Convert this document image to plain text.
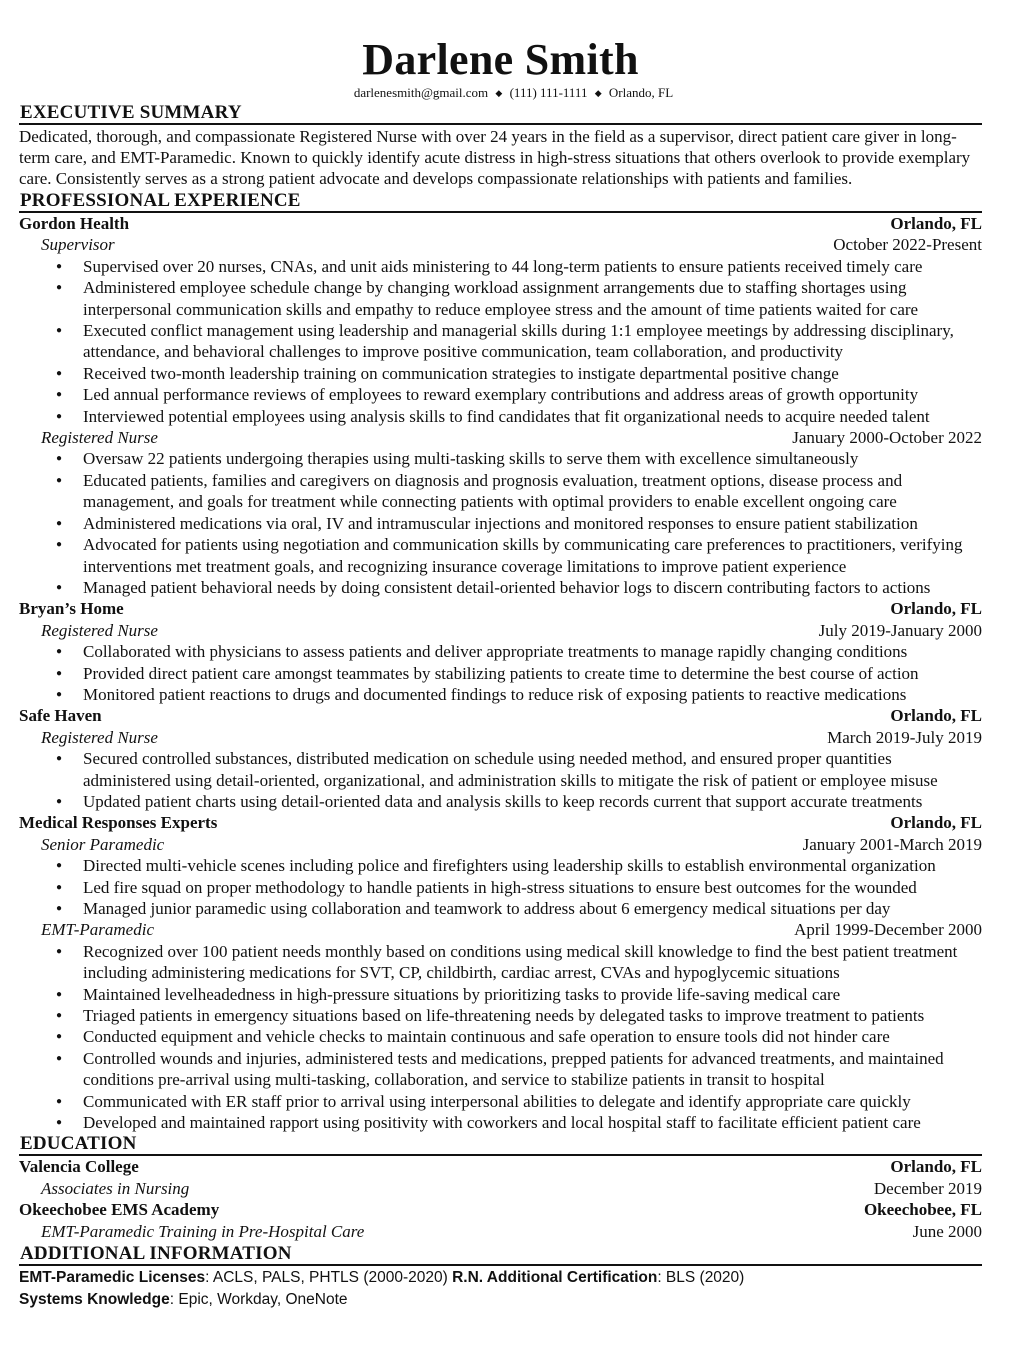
Darlene Smith
darlenesmith@gmail.com ◆ (111) 111-1111 ◆ Orlando, FL
EXECUTIVE SUMMARY
Dedicated, thorough, and compassionate Registered Nurse with over 24 years in the field as a supervisor, direct patient care giver in long-term care, and EMT-Paramedic. Known to quickly identify acute distress in high-stress situations that others overlook to provide exemplary care. Consistently serves as a strong patient advocate and develops compassionate relationships with patients and families.
PROFESSIONAL EXPERIENCE
Gordon Health	Orlando, FL
Supervisor	October 2022-Present
● Supervised over 20 nurses, CNAs, and unit aids ministering to 44 long-term patients to ensure patients received timely care
● Administered employee schedule change by changing workload assignment arrangements due to staffing shortages using interpersonal communication skills and empathy to reduce employee stress and the amount of time patients waited for care
● Executed conflict management using leadership and managerial skills during 1:1 employee meetings by addressing disciplinary, attendance, and behavioral challenges to improve positive communication, team collaboration, and productivity
● Received two-month leadership training on communication strategies to instigate departmental positive change
● Led annual performance reviews of employees to reward exemplary contributions and address areas of growth opportunity
● Interviewed potential employees using analysis skills to find candidates that fit organizational needs to acquire needed talent
Registered Nurse	January 2000-October 2022
● Oversaw 22 patients undergoing therapies using multi-tasking skills to serve them with excellence simultaneously
● Educated patients, families and caregivers on diagnosis and prognosis evaluation, treatment options, disease process and management, and goals for treatment while connecting patients with optimal providers to enable excellent ongoing care
● Administered medications via oral, IV and intramuscular injections and monitored responses to ensure patient stabilization
● Advocated for patients using negotiation and communication skills by communicating care preferences to practitioners, verifying interventions met treatment goals, and recognizing insurance coverage limitations to improve patient experience
● Managed patient behavioral needs by doing consistent detail-oriented behavior logs to discern contributing factors to actions
Bryan’s Home	Orlando, FL
Registered Nurse	July 2019-January 2000
● Collaborated with physicians to assess patients and deliver appropriate treatments to manage rapidly changing conditions
● Provided direct patient care amongst teammates by stabilizing patients to create time to determine the best course of action
● Monitored patient reactions to drugs and documented findings to reduce risk of exposing patients to reactive medications
Safe Haven	Orlando, FL
Registered Nurse	March 2019-July 2019
● Secured controlled substances, distributed medication on schedule using needed method, and ensured proper quantities administered using detail-oriented, organizational, and administration skills to mitigate the risk of patient or employee misuse
● Updated patient charts using detail-oriented data and analysis skills to keep records current that support accurate treatments
Medical Responses Experts	Orlando, FL
Senior Paramedic	January 2001-March 2019
● Directed multi-vehicle scenes including police and firefighters using leadership skills to establish environmental organization
● Led fire squad on proper methodology to handle patients in high-stress situations to ensure best outcomes for the wounded
● Managed junior paramedic using collaboration and teamwork to address about 6 emergency medical situations per day
EMT-Paramedic	April 1999-December 2000
● Recognized over 100 patient needs monthly based on conditions using medical skill knowledge to find the best patient treatment including administering medications for SVT, CP, childbirth, cardiac arrest, CVAs and hypoglycemic situations
● Maintained levelheadedness in high-pressure situations by prioritizing tasks to provide life-saving medical care
● Triaged patients in emergency situations based on life-threatening needs by delegated tasks to improve treatment to patients
● Conducted equipment and vehicle checks to maintain continuous and safe operation to ensure tools did not hinder care
● Controlled wounds and injuries, administered tests and medications, prepped patients for advanced treatments, and maintained conditions pre-arrival using multi-tasking, collaboration, and service to stabilize patients in transit to hospital
● Communicated with ER staff prior to arrival using interpersonal abilities to delegate and identify appropriate care quickly
● Developed and maintained rapport using positivity with coworkers and local hospital staff to facilitate efficient patient care
EDUCATION
Valencia College	Orlando, FL
Associates in Nursing	December 2019
Okeechobee EMS Academy	Okeechobee, FL
EMT-Paramedic Training in Pre-Hospital Care	June 2000
ADDITIONAL INFORMATION
EMT-Paramedic Licenses: ACLS, PALS, PHTLS (2000-2020) R.N. Additional Certification: BLS (2020)
Systems Knowledge: Epic, Workday, OneNote
